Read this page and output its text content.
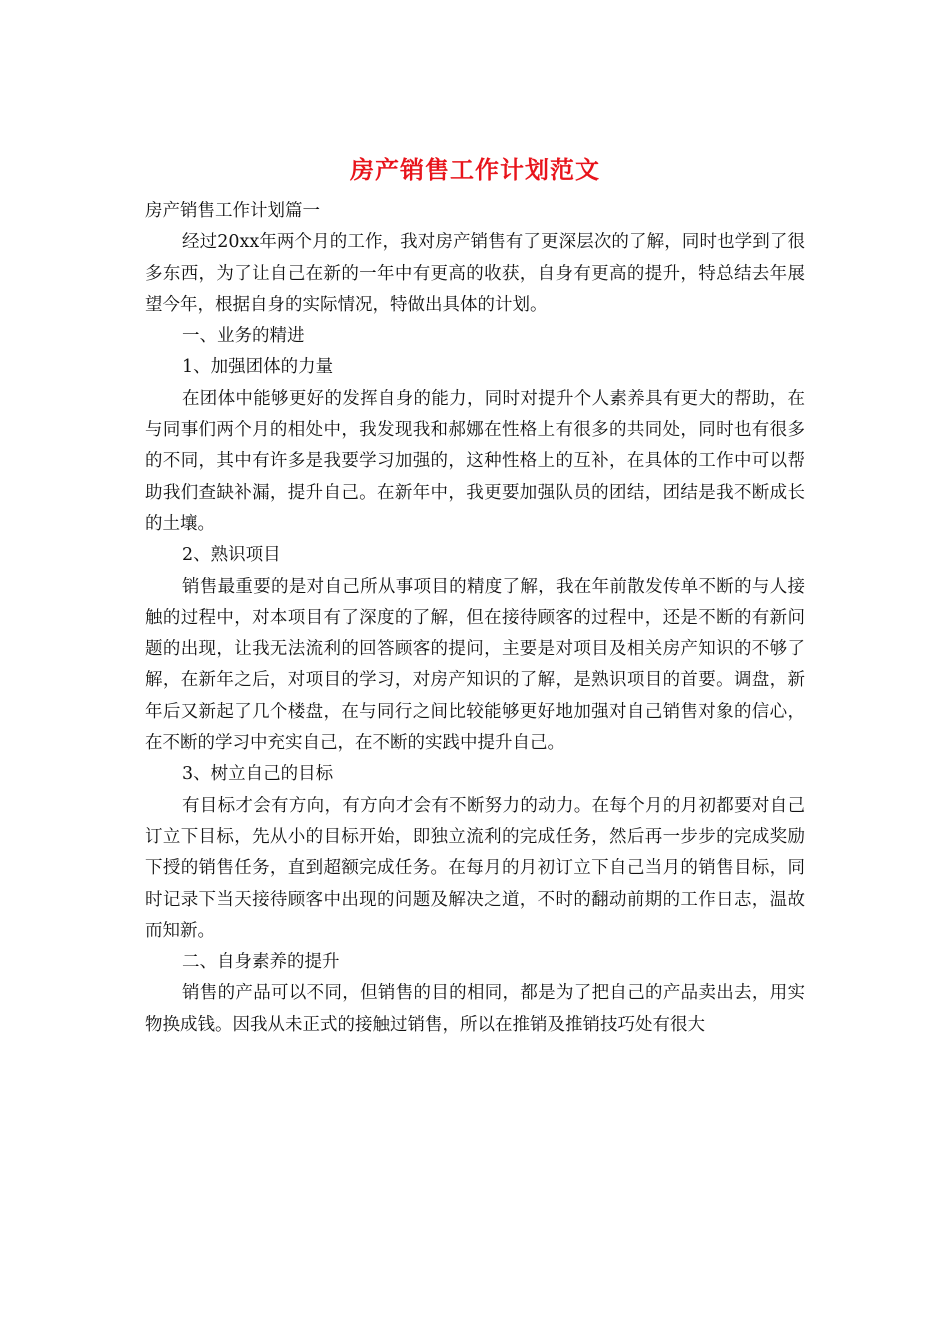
房产销售工作计划范文

房产销售工作计划篇一

经过20xx年两个月的工作，我对房产销售有了更深层次的了解，同时也学到了很多东西，为了让自己在新的一年中有更高的收获，自身有更高的提升，特总结去年展望今年，根据自身的实际情况，特做出具体的计划。

一、业务的精进

1、加强团体的力量

在团体中能够更好的发挥自身的能力，同时对提升个人素养具有更大的帮助，在与同事们两个月的相处中，我发现我和郝娜在性格上有很多的共同处，同时也有很多的不同，其中有许多是我要学习加强的，这种性格上的互补，在具体的工作中可以帮助我们查缺补漏，提升自己。在新年中，我更要加强队员的团结，团结是我不断成长的土壤。

2、熟识项目

销售最重要的是对自己所从事项目的精度了解，我在年前散发传单不断的与人接触的过程中，对本项目有了深度的了解，但在接待顾客的过程中，还是不断的有新问题的出现，让我无法流利的回答顾客的提问，主要是对项目及相关房产知识的不够了解，在新年之后，对项目的学习，对房产知识的了解，是熟识项目的首要。调盘，新年后又新起了几个楼盘，在与同行之间比较能够更好地加强对自己销售对象的信心，在不断的学习中充实自己，在不断的实践中提升自己。

3、树立自己的目标

有目标才会有方向，有方向才会有不断努力的动力。在每个月的月初都要对自己订立下目标，先从小的目标开始，即独立流利的完成任务，然后再一步步的完成奖励下授的销售任务，直到超额完成任务。在每月的月初订立下自己当月的销售目标，同时记录下当天接待顾客中出现的问题及解决之道，不时的翻动前期的工作日志，温故而知新。

二、自身素养的提升

销售的产品可以不同，但销售的目的相同，都是为了把自己的产品卖出去，用实物换成钱。因我从未正式的接触过销售，所以在推销及推销技巧处有很大
